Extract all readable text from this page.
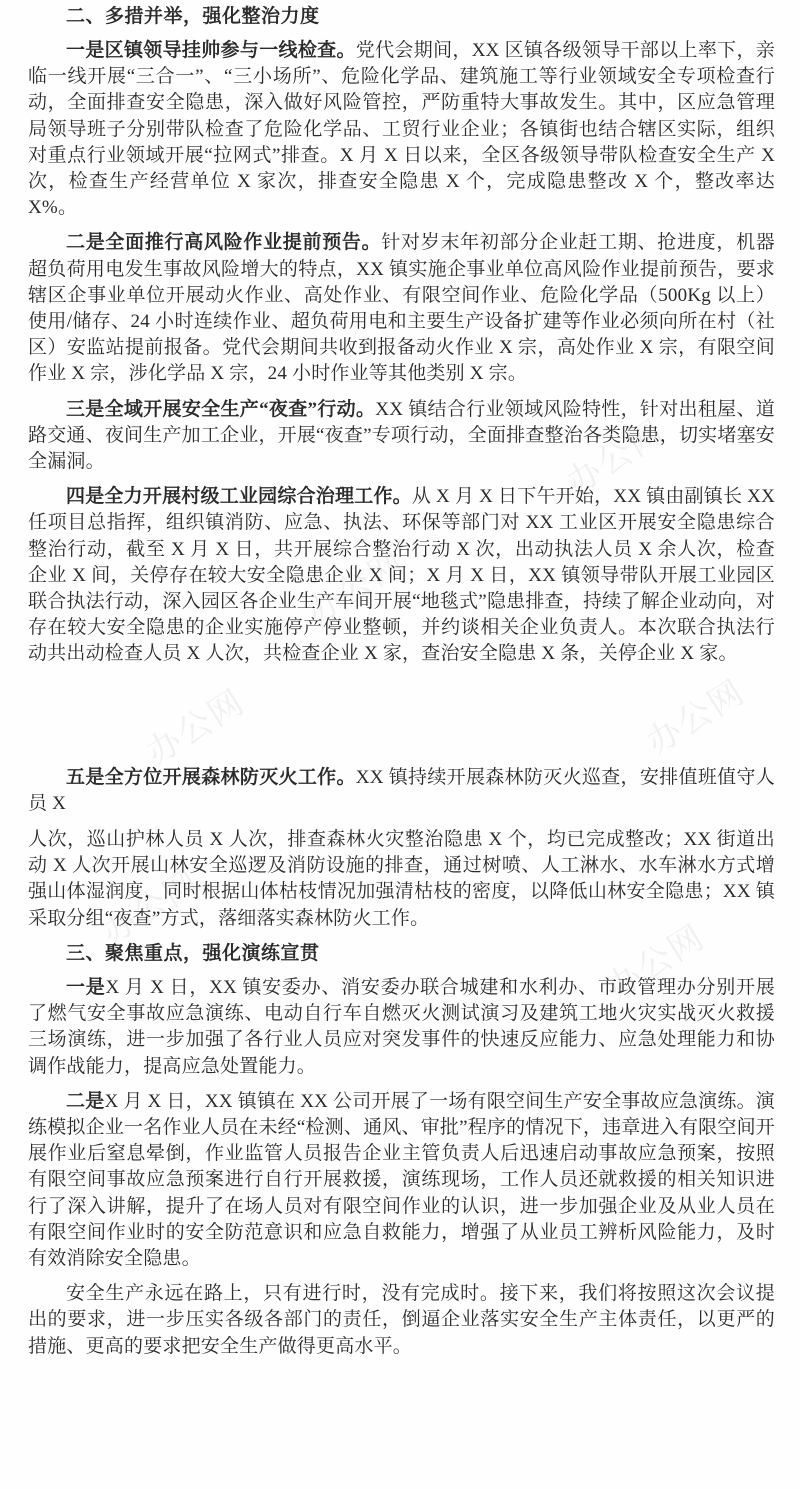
办公网
办公网
办公网
办公网
办公网	办公网
二、多措并举，强化整治力度

一是区镇领导挂帅参与一线检查。党代会期间，XX 区镇各级领导干部以上率下，亲临一线开展“三合一”、“三小场所”、危险化学品、建筑施工等行业领域安全专项检查行动，全面排查安全隐患，深入做好风险管控，严防重特大事故发生。其中，区应急管理局领导班子分别带队检查了危险化学品、工贸行业企业；各镇街也结合辖区实际，组织对重点行业领域开展“拉网式”排查。X 月 X 日以来，全区各级领导带队检查安全生产 X 次，检查生产经营单位 X 家次，排查安全隐患 X 个，完成隐患整改 X 个，整改率达 X%。

二是全面推行高风险作业提前预告。针对岁末年初部分企业赶工期、抢进度，机器超负荷用电发生事故风险增大的特点，XX 镇实施企事业单位高风险作业提前预告，要求辖区企事业单位开展动火作业、高处作业、有限空间作业、危险化学品（500Kg 以上）使用/储存、24 小时连续作业、超负荷用电和主要生产设备扩建等作业必须向所在村（社区）安监站提前报备。党代会期间共收到报备动火作业 X 宗，高处作业 X 宗，有限空间作业 X 宗，涉化学品 X 宗，24 小时作业等其他类别 X 宗。

三是全域开展安全生产“夜查”行动。XX 镇结合行业领域风险特性，针对出租屋、道路交通、夜间生产加工企业，开展“夜查”专项行动，全面排查整治各类隐患，切实堵塞安全漏洞。

四是全力开展村级工业园综合治理工作。从 X 月 X 日下午开始，XX 镇由副镇长 XX 任项目总指挥，组织镇消防、应急、执法、环保等部门对 XX 工业区开展安全隐患综合整治行动，截至 X 月 X 日，共开展综合整治行动 X 次，出动执法人员 X 余人次，检查企业 X 间，关停存在较大安全隐患企业 X 间；X 月 X 日，XX 镇领导带队开展工业园区联合执法行动，深入园区各企业生产车间开展“地毯式”隐患排查，持续了解企业动向，对存在较大安全隐患的企业实施停产停业整顿，并约谈相关企业负责人。本次联合执法行动共出动检查人员 X 人次，共检查企业 X 家，查治安全隐患 X 条，关停企业 X 家。

五是全方位开展森林防灭火工作。XX 镇持续开展森林防灭火巡查，安排值班值守人员 X
人次，巡山护林人员 X 人次，排查森林火灾整治隐患 X 个，均已完成整改；XX 街道出动 X 人次开展山林安全巡逻及消防设施的排查，通过树喷、人工淋水、水车淋水方式增强山体湿润度，同时根据山体枯枝情况加强清枯枝的密度，以降低山林安全隐患；XX 镇采取分组“夜查”方式，落细落实森林防火工作。

三、聚焦重点，强化演练宣贯

一是X 月 X 日，XX 镇安委办、消安委办联合城建和水利办、市政管理办分别开展了燃气安全事故应急演练、电动自行车自燃灭火测试演习及建筑工地火灾实战灭火救援三场演练，进一步加强了各行业人员应对突发事件的快速反应能力、应急处理能力和协调作战能力，提高应急处置能力。

二是X 月 X 日，XX 镇镇在 XX 公司开展了一场有限空间生产安全事故应急演练。演练模拟企业一名作业人员在未经“检测、通风、审批”程序的情况下，违章进入有限空间开展作业后窒息晕倒，作业监管人员报告企业主管负责人后迅速启动事故应急预案，按照有限空间事故应急预案进行自行开展救援，演练现场，工作人员还就救援的相关知识进行了深入讲解，提升了在场人员对有限空间作业的认识，进一步加强企业及从业人员在有限空间作业时的安全防范意识和应急自救能力，增强了从业员工辨析风险能力，及时有效消除安全隐患。

安全生产永远在路上，只有进行时，没有完成时。接下来，我们将按照这次会议提出的要求，进一步压实各级各部门的责任，倒逼企业落实安全生产主体责任，以更严的措施、更高的要求把安全生产做得更高水平。
